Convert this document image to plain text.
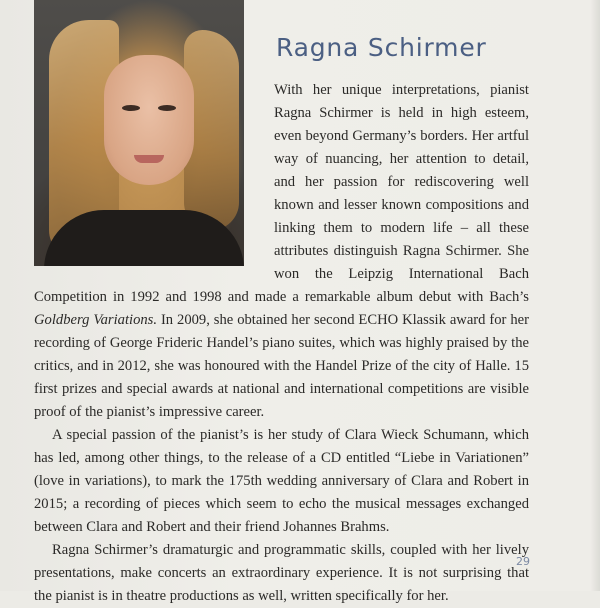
Ragna Schirmer

With her unique interpretations, pianist Ragna Schirmer is held in high esteem, even beyond Germany’s borders. Her artful way of nuancing, her attention to detail, and her passion for rediscovering well known and lesser known compositions and linking them to modern life – all these attributes distinguish Ragna Schirmer. She won the Leipzig International Bach Competition in 1992 and 1998 and made a remarkable album debut with Bach’s Goldberg Variations. In 2009, she obtained her second ECHO Klassik award for her recording of George Frideric Handel’s piano suites, which was highly praised by the critics, and in 2012, she was honoured with the Handel Prize of the city of Halle. 15 first prizes and special awards at national and international competitions are visible proof of the pianist’s impressive career.

A special passion of the pianist’s is her study of Clara Wieck Schumann, which has led, among other things, to the release of a CD entitled “Liebe in Variationen” (love in variations), to mark the 175th wedding anniversary of Clara and Robert in 2015; a recording of pieces which seem to echo the musical messages exchanged between Clara and Robert and their friend Johannes Brahms.

Ragna Schirmer’s dramaturgic and programmatic skills, coupled with her lively presentations, make concerts an extraordinary experience. It is not surprising that the pianist is in theatre productions as well, written specifically for her.

29
